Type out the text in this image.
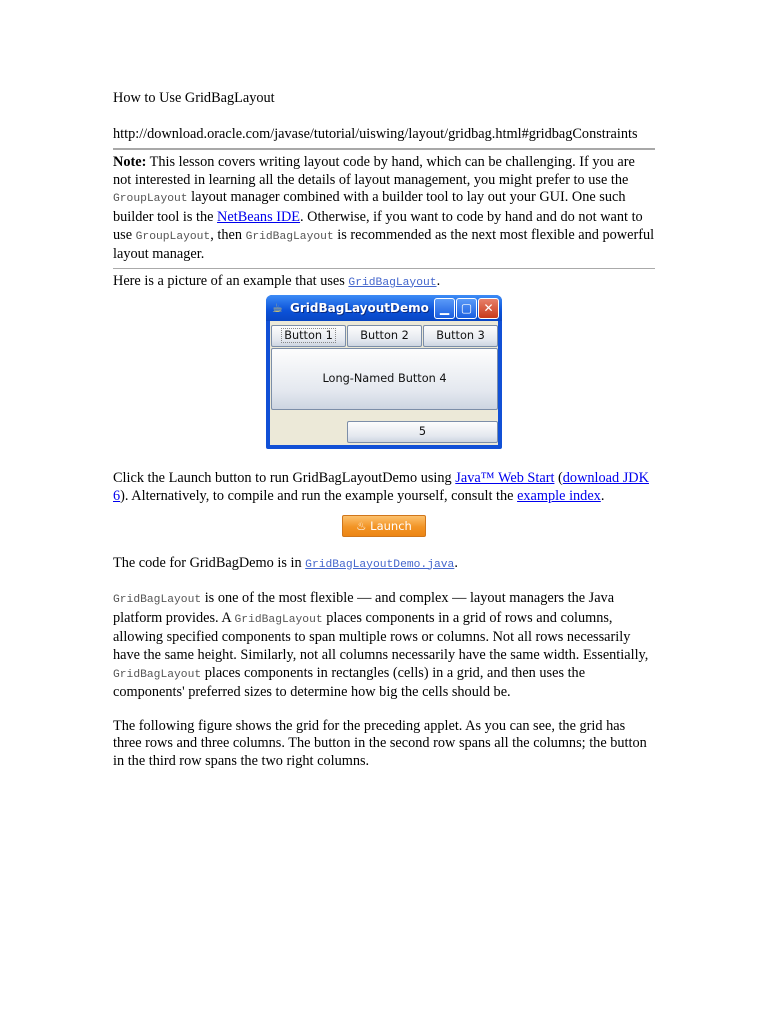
How to Use GridBagLayout

http://download.oracle.com/javase/tutorial/uiswing/layout/gridbag.html#gridbagConstraints

Note: This lesson covers writing layout code by hand, which can be challenging. If you are not interested in learning all the details of layout management, you might prefer to use the GroupLayout layout manager combined with a builder tool to lay out your GUI. One such builder tool is the NetBeans IDE. Otherwise, if you want to code by hand and do not want to use GroupLayout, then GridBagLayout is recommended as the next most flexible and powerful layout manager.

Here is a picture of an example that uses GridBagLayout.

☕ GridBagLayoutDemo ▁ ▢ ✕
Button 1	Button 2	Button 3
Long-Named Button 4
5

Click the Launch button to run GridBagLayoutDemo using Java™ Web Start (download JDK 6). Alternatively, to compile and run the example yourself, consult the example index.

♨ Launch

The code for GridBagDemo is in GridBagLayoutDemo.java.

GridBagLayout is one of the most flexible — and complex — layout managers the Java platform provides. A GridBagLayout places components in a grid of rows and columns, allowing specified components to span multiple rows or columns. Not all rows necessarily have the same height. Similarly, not all columns necessarily have the same width. Essentially, GridBagLayout places components in rectangles (cells) in a grid, and then uses the components' preferred sizes to determine how big the cells should be.

The following figure shows the grid for the preceding applet. As you can see, the grid has three rows and three columns. The button in the second row spans all the columns; the button in the third row spans the two right columns.
